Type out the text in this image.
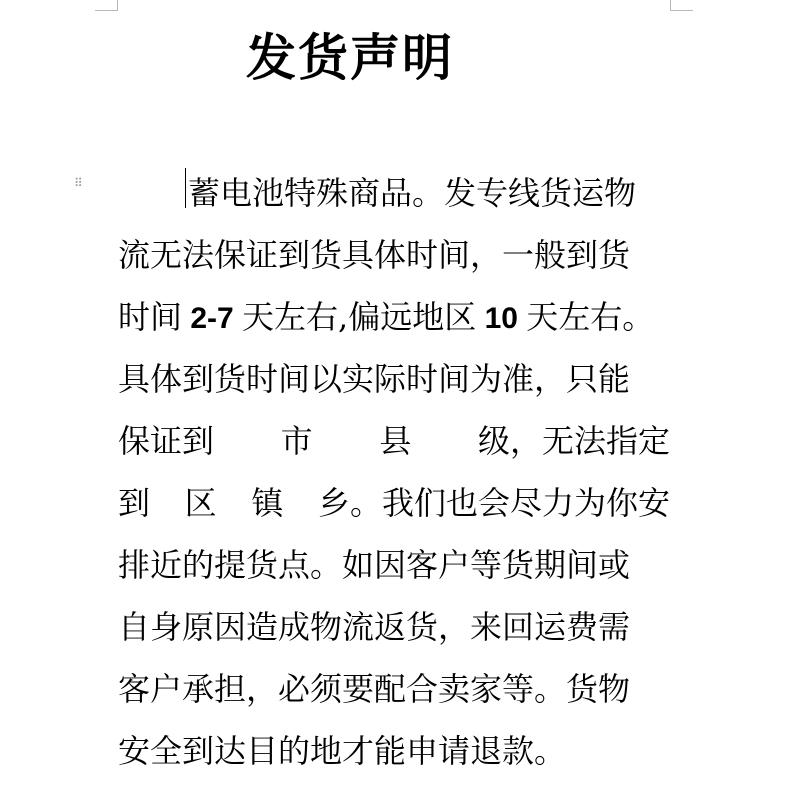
发货声明
⠿	蓄电池特殊商品。发专线货运物
流无法保证到货具体时间，一般到货
时间 2-7 天左右,偏远地区 10 天左右。
具体到货时间以实际时间为准，只能
保证到 市 县 级，无法指定
到 区 镇 乡。我们也会尽力为你安
排近的提货点。如因客户等货期间或
自身原因造成物流返货，来回运费需
客户承担，必须要配合卖家等。货物
安全到达目的地才能申请退款。
